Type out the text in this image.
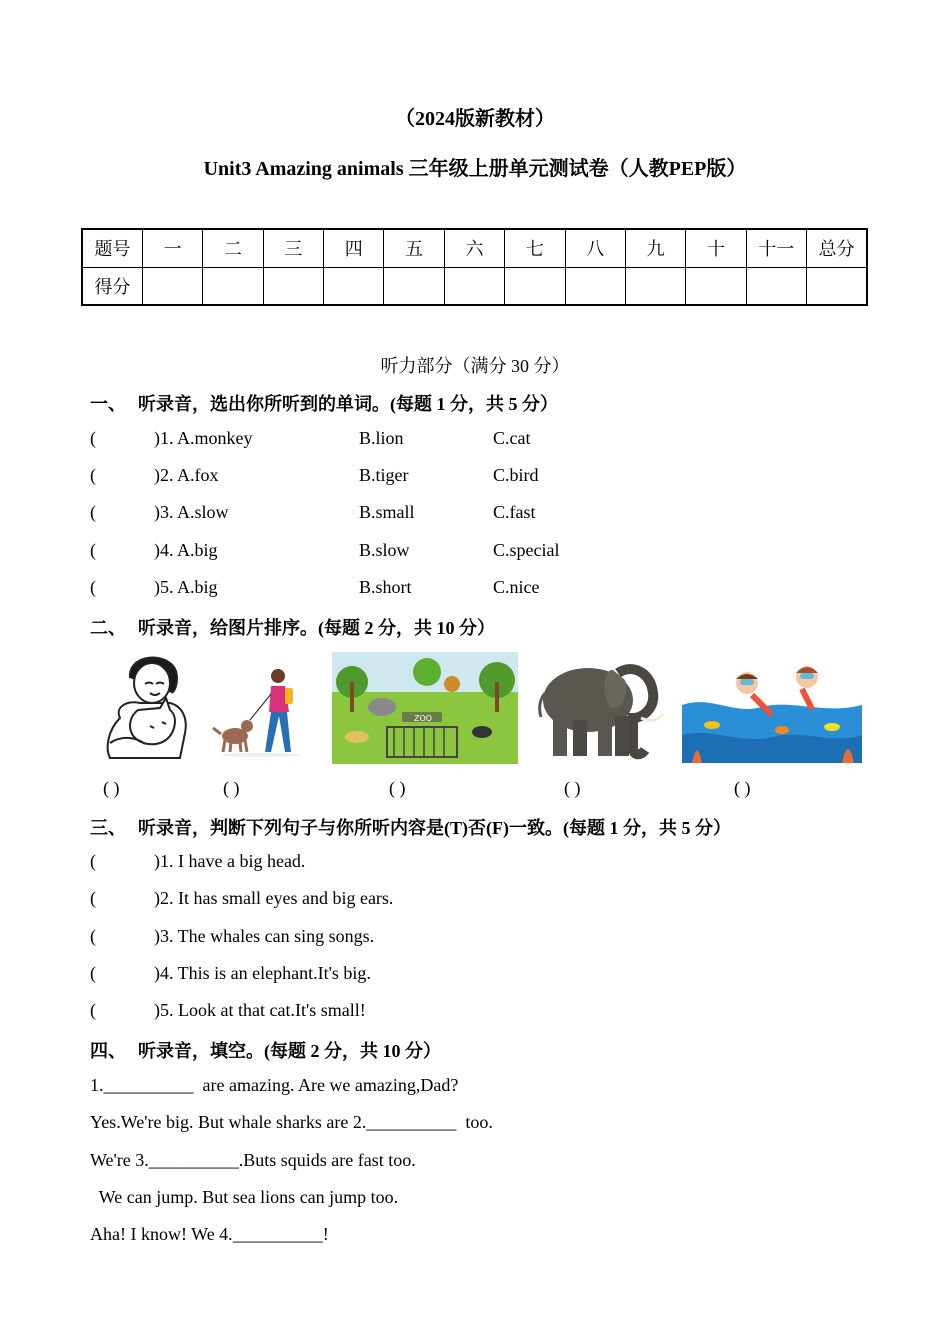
（2024版新教材）
Unit3 Amazing animals 三年级上册单元测试卷（人教PEP版）
题号	一	二	三	四	五	六	七	八	九	十	十一	总分
得分												
听力部分（满分 30 分）
一、 听录音，选出你所听到的单词。(每题 1 分，共 5 分）
(	)1. A.monkey	B.lion	C.cat
(	)2. A.fox	B.tiger	C.bird
(	)3. A.slow	B.small	C.fast
(	)4. A.big	B.slow	C.special
(	)5. A.big	B.short	C.nice
二、 听录音，给图片排序。(每题 2 分，共 10 分）
ZOO
( )	( )	( )	( )	( )
三、 听录音，判断下列句子与你所听内容是(T)否(F)一致。(每题 1 分，共 5 分）
(	)1. I have a big head.
(	)2. It has small eyes and big ears.
(	)3. The whales can sing songs.
(	)4. This is an elephant.It's big.
(	)5. Look at that cat.It's small!
四、 听录音，填空。(每题 2 分，共 10 分）
1.__________  are amazing. Are we amazing,Dad?
Yes.We're big. But whale sharks are 2.__________  too.
We're 3.__________.Buts squids are fast too.
We can jump. But sea lions can jump too.
Aha! I know! We 4.__________!
